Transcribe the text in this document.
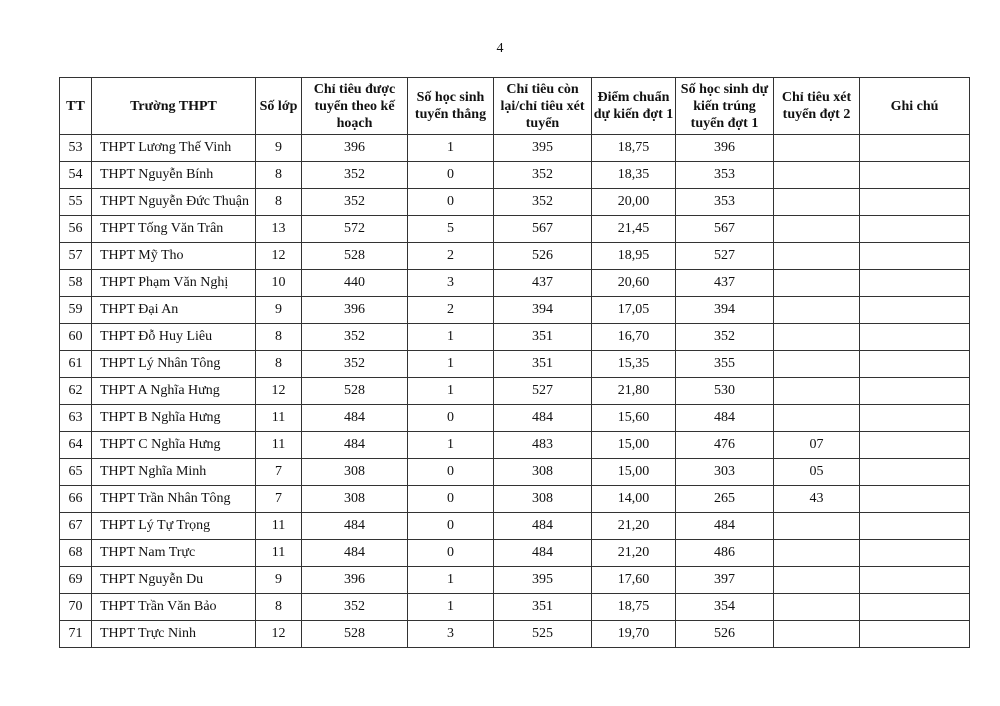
4
TT	Trường THPT	Số lớp	Chỉ tiêu được tuyển theo kế hoạch	Số học sinh tuyển thẳng	Chỉ tiêu còn lại/chỉ tiêu xét tuyển	Điểm chuẩn dự kiến đợt 1	Số học sinh dự kiến trúng tuyển đợt 1	Chỉ tiêu xét tuyển đợt 2	Ghi chú
53	THPT Lương Thế Vinh	9	396	1	395	18,75	396		
54	THPT Nguyễn Bính	8	352	0	352	18,35	353		
55	THPT Nguyễn Đức Thuận	8	352	0	352	20,00	353		
56	THPT Tống Văn Trân	13	572	5	567	21,45	567		
57	THPT Mỹ Tho	12	528	2	526	18,95	527		
58	THPT Phạm Văn Nghị	10	440	3	437	20,60	437		
59	THPT Đại An	9	396	2	394	17,05	394		
60	THPT Đỗ Huy Liêu	8	352	1	351	16,70	352		
61	THPT Lý Nhân Tông	8	352	1	351	15,35	355		
62	THPT A Nghĩa Hưng	12	528	1	527	21,80	530		
63	THPT B Nghĩa Hưng	11	484	0	484	15,60	484		
64	THPT C Nghĩa Hưng	11	484	1	483	15,00	476	07	
65	THPT Nghĩa Minh	7	308	0	308	15,00	303	05	
66	THPT Trần Nhân Tông	7	308	0	308	14,00	265	43	
67	THPT Lý Tự Trọng	11	484	0	484	21,20	484		
68	THPT Nam Trực	11	484	0	484	21,20	486		
69	THPT Nguyễn Du	9	396	1	395	17,60	397		
70	THPT Trần Văn Bảo	8	352	1	351	18,75	354		
71	THPT Trực Ninh	12	528	3	525	19,70	526		
